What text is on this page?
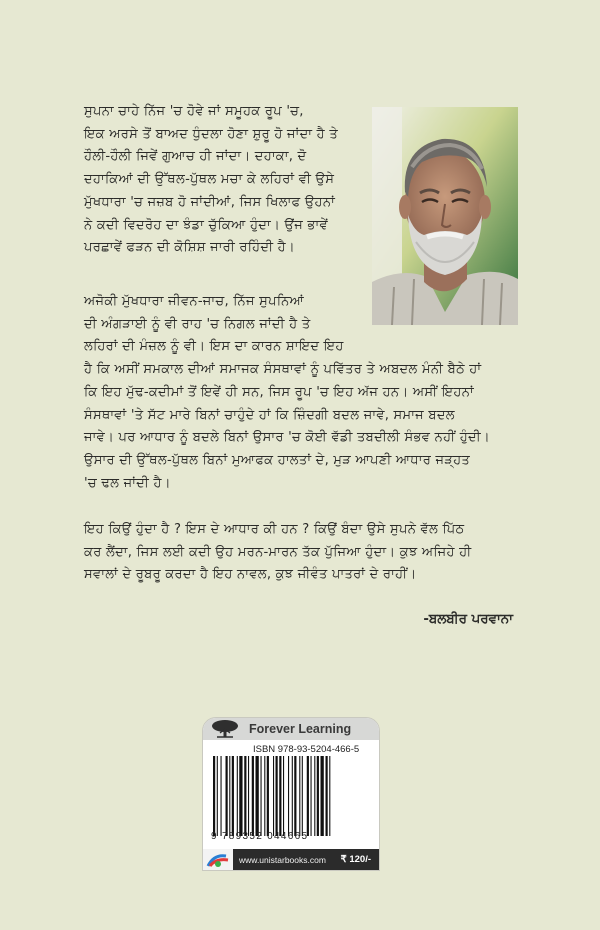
ਸੁਪਨਾ ਚਾਹੇ ਨਿੱਜ 'ਚ ਹੋਵੇ ਜਾਂ ਸਮੂਹਕ ਰੂਪ 'ਚ,
ਇਕ ਅਰਸੇ ਤੋਂ ਬਾਅਦ ਧੁੰਦਲਾ ਹੋਣਾ ਸ਼ੁਰੂ ਹੋ ਜਾਂਦਾ ਹੈ ਤੇ
ਹੌਲੀ-ਹੌਲੀ ਜਿਵੇਂ ਗੁਆਚ ਹੀ ਜਾਂਦਾ। ਦਹਾਕਾ, ਦੋ
ਦਹਾਕਿਆਂ ਦੀ ਉੱਥਲ-ਪੁੱਥਲ ਮਚਾ ਕੇ ਲਹਿਰਾਂ ਵੀ ਉਸੇ
ਮੁੱਖਧਾਰਾ 'ਚ ਜਜ਼ਬ ਹੋ ਜਾਂਦੀਆਂ, ਜਿਸ ਖਿਲਾਫ ਉਹਨਾਂ
ਨੇ ਕਦੀ ਵਿਦਰੋਹ ਦਾ ਝੰਡਾ ਚੁੱਕਿਆ ਹੁੰਦਾ। ਉਂਜ ਭਾਵੇਂ
ਪਰਛਾਵੇਂ ਫੜਨ ਦੀ ਕੋਸ਼ਿਸ਼ ਜਾਰੀ ਰਹਿੰਦੀ ਹੈ।

ਅਜੋਕੀ ਮੁੱਖਧਾਰਾ ਜੀਵਨ-ਜਾਚ, ਨਿੱਜ ਸੁਪਨਿਆਂ
ਦੀ ਅੰਗੜਾਈ ਨੂੰ ਵੀ ਰਾਹ 'ਚ ਨਿਗਲ ਜਾਂਦੀ ਹੈ ਤੇ
ਲਹਿਰਾਂ ਦੀ ਮੰਜ਼ਲ ਨੂੰ ਵੀ। ਇਸ ਦਾ ਕਾਰਨ ਸ਼ਾਇਦ ਇਹ
ਹੈ ਕਿ ਅਸੀਂ ਸਮਕਾਲ ਦੀਆਂ ਸਮਾਜਕ ਸੰਸਥਾਵਾਂ ਨੂੰ ਪਵਿੱਤਰ ਤੇ ਅਬਦਲ ਮੰਨੀ ਬੈਠੇ ਹਾਂ
ਕਿ ਇਹ ਮੁੱਢ-ਕਦੀਮਾਂ ਤੋਂ ਇਵੇਂ ਹੀ ਸਨ, ਜਿਸ ਰੂਪ 'ਚ ਇਹ ਅੱਜ ਹਨ। ਅਸੀਂ ਇਹਨਾਂ
ਸੰਸਥਾਵਾਂ 'ਤੇ ਸੱਟ ਮਾਰੇ ਬਿਨਾਂ ਚਾਹੁੰਦੇ ਹਾਂ ਕਿ ਜ਼ਿੰਦਗੀ ਬਦਲ ਜਾਵੇ, ਸਮਾਜ ਬਦਲ
ਜਾਵੇ। ਪਰ ਆਧਾਰ ਨੂੰ ਬਦਲੇ ਬਿਨਾਂ ਉਸਾਰ 'ਚ ਕੋਈ ਵੱਡੀ ਤਬਦੀਲੀ ਸੰਭਵ ਨਹੀਂ ਹੁੰਦੀ।
ਉਸਾਰ ਦੀ ਉੱਥਲ-ਪੁੱਥਲ ਬਿਨਾਂ ਮੁਆਫਕ ਹਾਲਤਾਂ ਦੇ, ਮੁੜ ਆਪਣੀ ਆਧਾਰ ਜੜ੍ਹਤ
'ਚ ਢਲ ਜਾਂਦੀ ਹੈ।

ਇਹ ਕਿਉਂ ਹੁੰਦਾ ਹੈ ? ਇਸ ਦੇ ਆਧਾਰ ਕੀ ਹਨ ? ਕਿਉਂ ਬੰਦਾ ਉਸੇ ਸੁਪਨੇ ਵੱਲ ਪਿੱਠ
ਕਰ ਲੈਂਦਾ, ਜਿਸ ਲਈ ਕਦੀ ਉਹ ਮਰਨ-ਮਾਰਨ ਤੱਕ ਪੁੱਜਿਆ ਹੁੰਦਾ। ਕੁਝ ਅਜਿਹੇ ਹੀ
ਸਵਾਲਾਂ ਦੇ ਰੂਬਰੂ ਕਰਦਾ ਹੈ ਇਹ ਨਾਵਲ, ਕੁਝ ਜੀਵੰਤ ਪਾਤਰਾਂ ਦੇ ਰਾਹੀਂ।

-ਬਲਬੀਰ ਪਰਵਾਨਾ
Forever Learning
ISBN 978-93-5204-466-5
9 789352 044665
www.unistarbooks.com ₹ 120/-
